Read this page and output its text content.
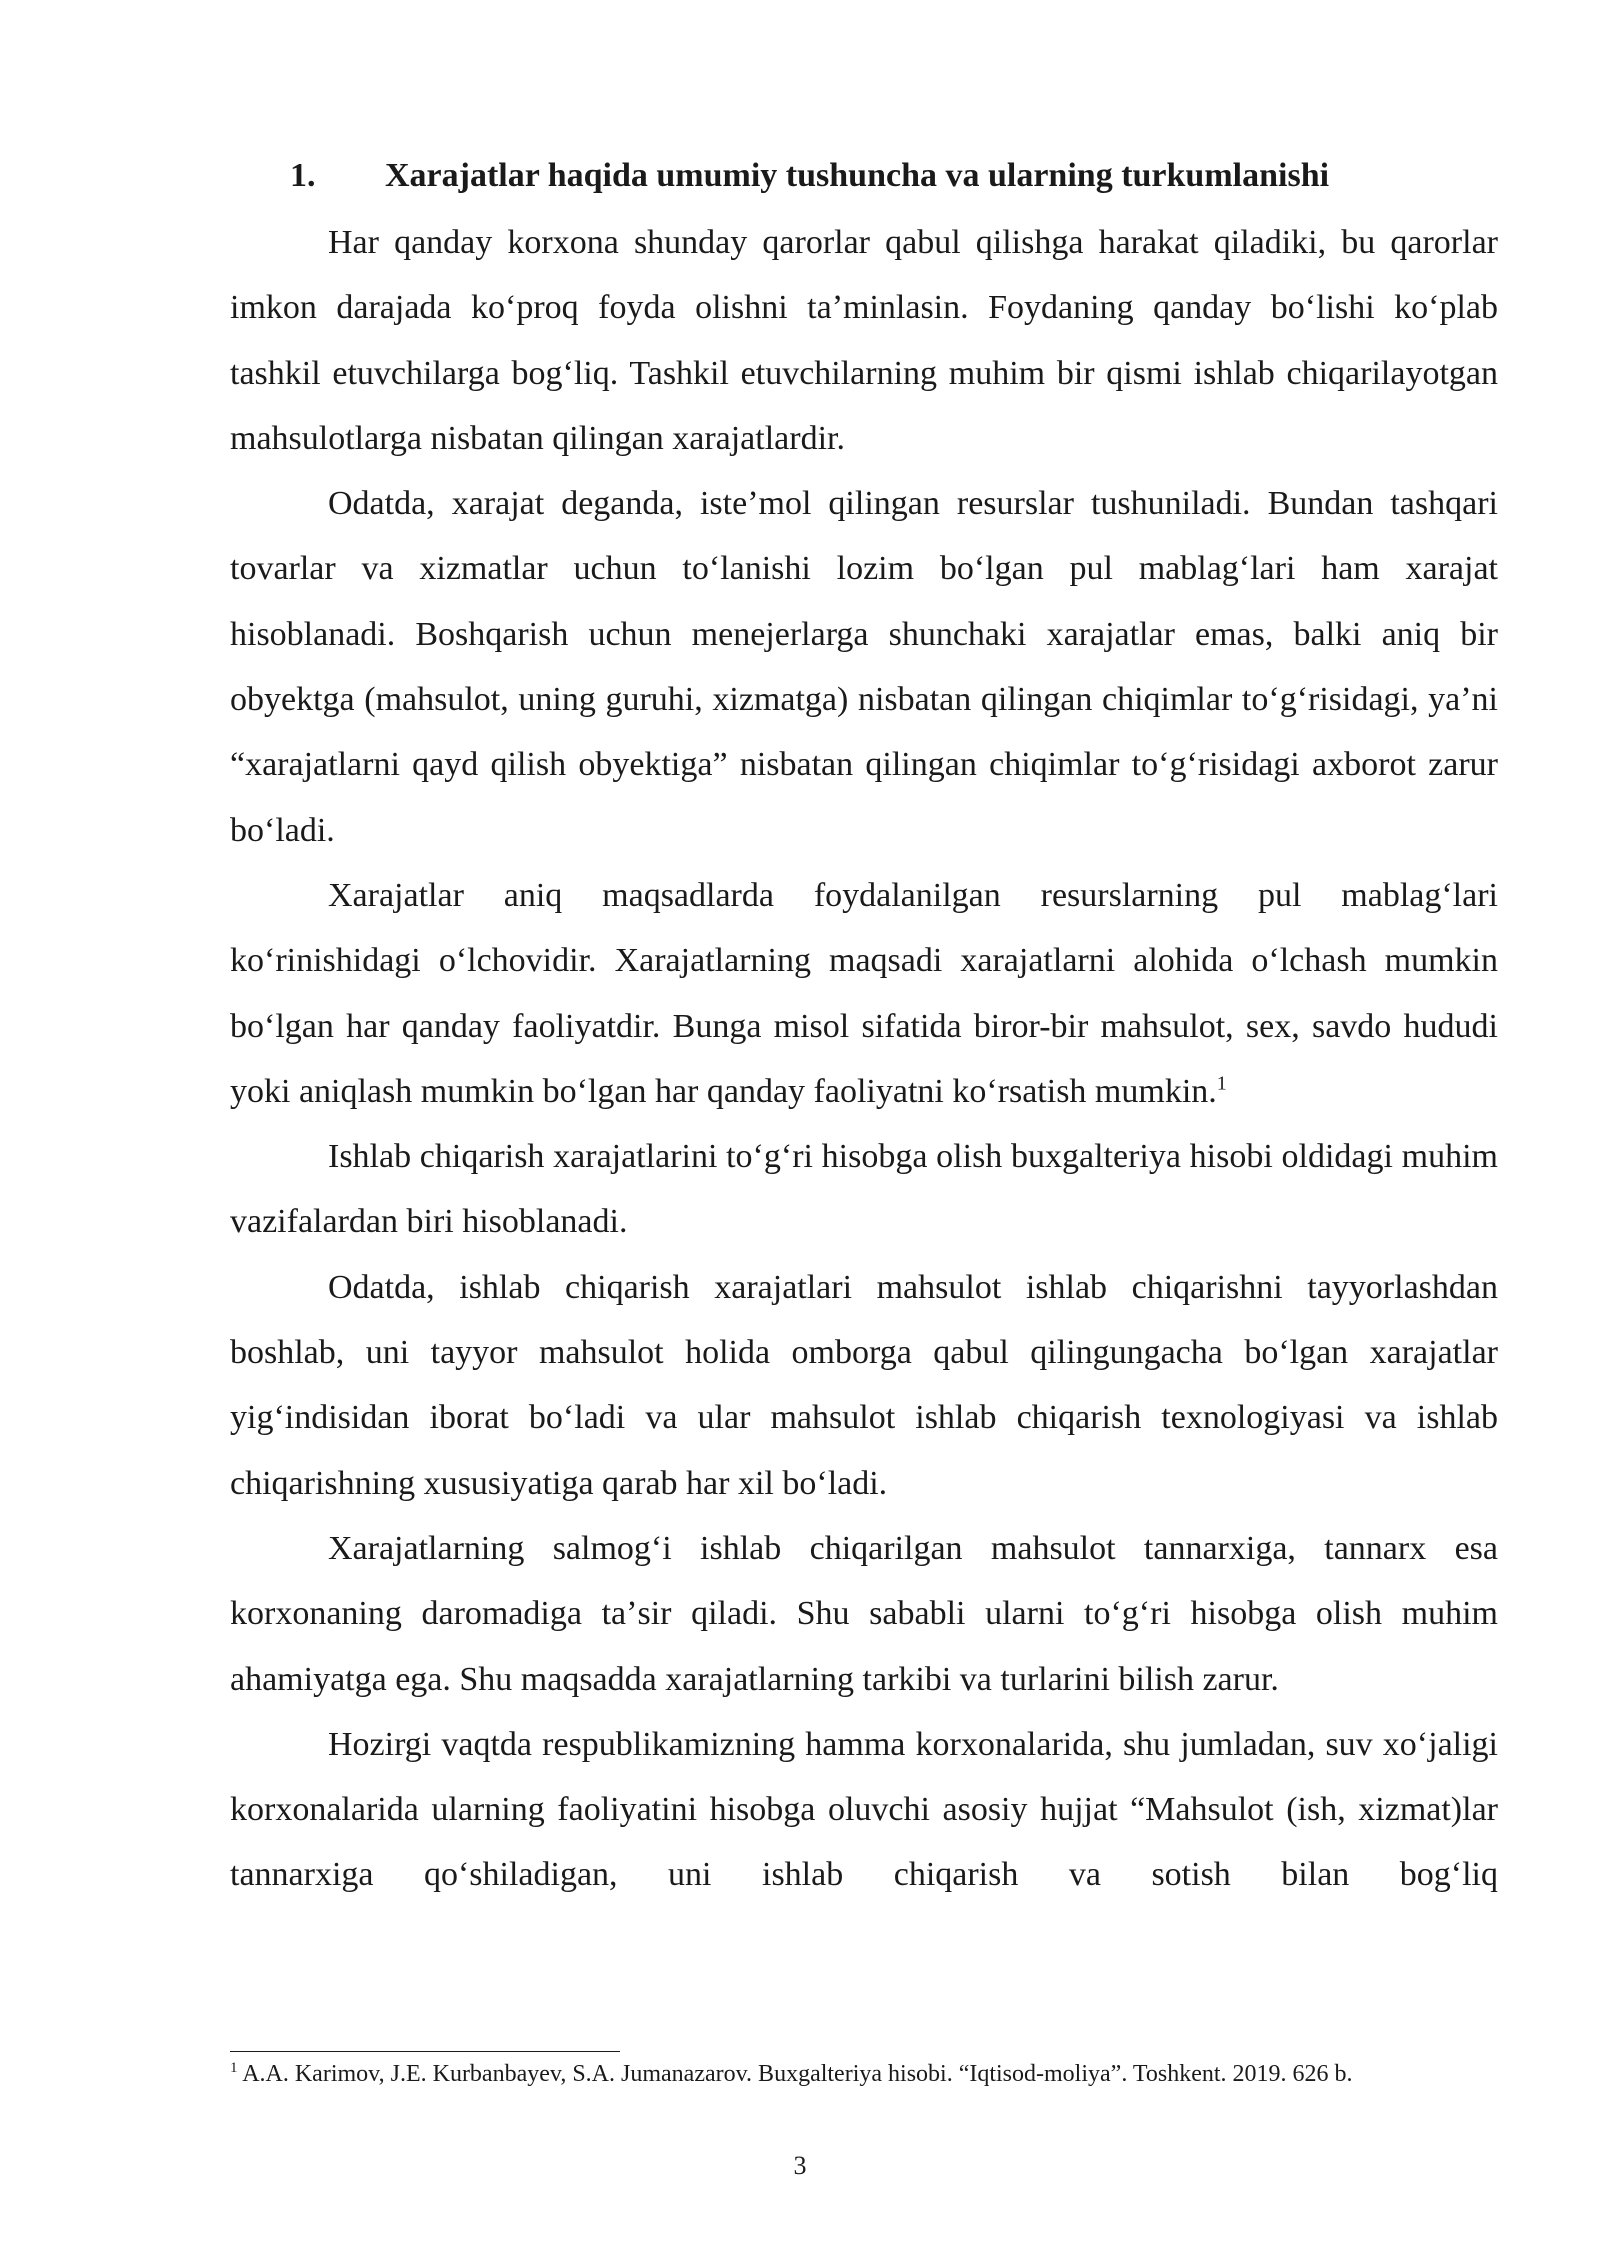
1. Xarajatlar haqida umumiy tushuncha va ularning turkumlanishi

Har qanday korxona shunday qarorlar qabul qilishga harakat qiladiki, bu qarorlar imkon darajada koʻproq foyda olishni taʼminlasin. Foydaning qanday boʻlishi koʻplab tashkil etuvchilarga bogʻliq. Tashkil etuvchilarning muhim bir qismi ishlab chiqarilayotgan mahsulotlarga nisbatan qilingan xarajatlardir.

Odatda, xarajat deganda, isteʼmol qilingan resurslar tushuniladi. Bundan tashqari tovarlar va xizmatlar uchun toʻlanishi lozim boʻlgan pul mablagʻlari ham xarajat hisoblanadi. Boshqarish uchun menejerlarga shunchaki xarajatlar emas, balki aniq bir obyektga (mahsulot, uning guruhi, xizmatga) nisbatan qilingan chiqimlar toʻgʻrisidagi, yaʼni “xarajatlarni qayd qilish obyektiga” nisbatan qilingan chiqimlar toʻgʻrisidagi axborot zarur boʻladi.

Xarajatlar aniq maqsadlarda foydalanilgan resurslarning pul mablagʻlari koʻrinishidagi oʻlchovidir. Xarajatlarning maqsadi xarajatlarni alohida oʻlchash mumkin boʻlgan har qanday faoliyatdir. Bunga misol sifatida biror-bir mahsulot, sex, savdo hududi yoki aniqlash mumkin boʻlgan har qanday faoliyatni koʻrsatish mumkin.$^1$

Ishlab chiqarish xarajatlarini toʻgʻri hisobga olish buxgalteriya hisobi oldidagi muhim vazifalardan biri hisoblanadi.

Odatda, ishlab chiqarish xarajatlari mahsulot ishlab chiqarishni tayyorlashdan boshlab, uni tayyor mahsulot holida omborga qabul qilingungacha boʻlgan xarajatlar yigʻindisidan iborat boʻladi va ular mahsulot ishlab chiqarish texnologiyasi va ishlab chiqarishning xususiyatiga qarab har xil boʻladi.

Xarajatlarning salmogʻi ishlab chiqarilgan mahsulot tannarxiga, tannarx esa korxonaning daromadiga taʼsir qiladi. Shu sababli ularni toʻgʻri hisobga olish muhim ahamiyatga ega. Shu maqsadda xarajatlarning tarkibi va turlarini bilish zarur.

Hozirgi vaqtda respublikamizning hamma korxonalarida, shu jumladan, suv xoʻjaligi korxonalarida ularning faoliyatini hisobga oluvchi asosiy hujjat “Mahsulot (ish, xizmat)lar tannarxiga qoʻshiladigan, uni ishlab chiqarish va sotish bilan bogʻliq

$^1$ A.A. Karimov, J.E. Kurbanbayev, S.A. Jumanazarov. Buxgalteriya hisobi. “Iqtisod-moliya”. Toshkent. 2019. 626 b.
3
